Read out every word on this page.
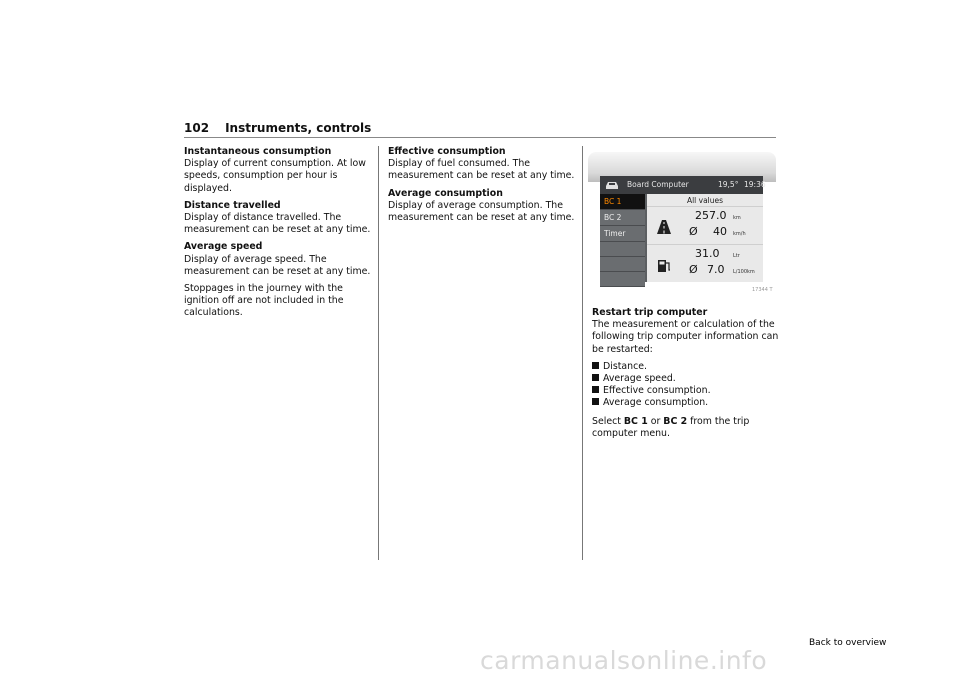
102 Instruments, controls

Instantaneous consumption
Display of current consumption. At low speeds, consumption per hour is displayed.

Distance travelled
Display of distance travelled. The measurement can be reset at any time.

Average speed
Display of average speed. The measurement can be reset at any time.

Stoppages in the journey with the ignition off are not included in the calculations.

Effective consumption
Display of fuel consumed. The measurement can be reset at any time.

Average consumption
Display of average consumption. The measurement can be reset at any time.

Board Computer	19,5° 19:36
BC 1
BC 2
Timer
All values
257.0 km
Ø 40 km/h
31.0	Ltr
Ø 7.0 L/100km
17344 T

Restart trip computer
The measurement or calculation of the following trip computer information can be restarted:

Distance.
Average speed.
Effective consumption.
Average consumption.

Select BC 1 or BC 2 from the trip computer menu.

Back to overview
carmanualsonline.info
